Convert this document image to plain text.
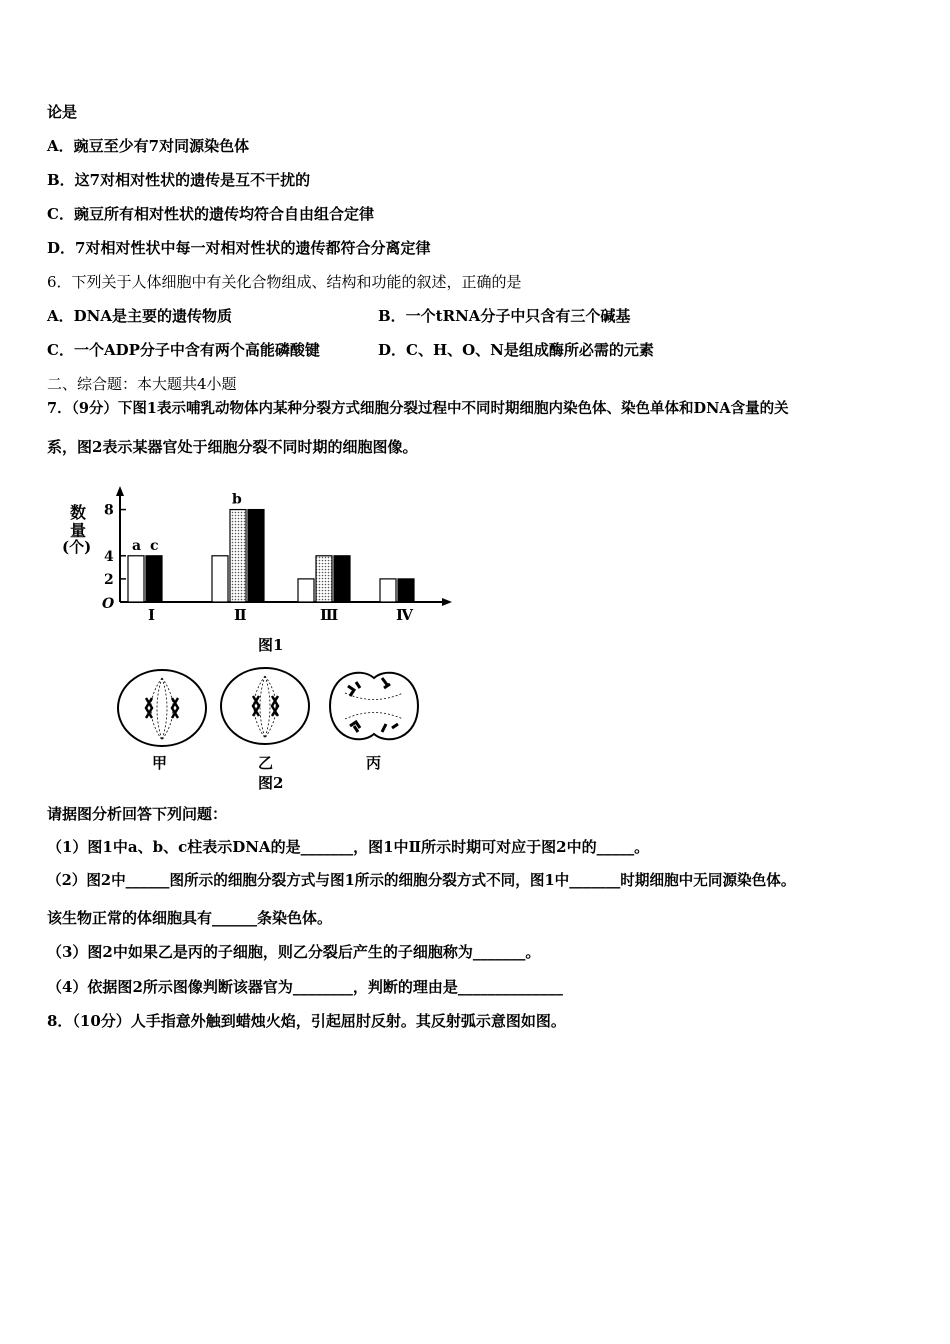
论是
A．豌豆至少有7对同源染色体
B．这7对相对性状的遗传是互不干扰的
C．豌豆所有相对性状的遗传均符合自由组合定律
D．7对相对性状中每一对相对性状的遗传都符合分离定律
6．下列关于人体细胞中有关化合物组成、结构和功能的叙述，正确的是
A．DNA是主要的遗传物质	B．一个tRNA分子中只含有三个碱基
C．一个ADP分子中含有两个高能磷酸键	D．C、H、O、N是组成酶所必需的元素
二、综合题：本大题共4小题
7．（9分）下图1表示哺乳动物体内某种分裂方式细胞分裂过程中不同时期细胞内染色体、染色单体和DNA含量的关
系，图2表示某器官处于细胞分裂不同时期的细胞图像。
数
量
(个)
O
2
4
8
a c
b
Ⅰ	Ⅱ	Ⅲ	Ⅳ
图1
甲	乙	丙
图2
请据图分析回答下列问题：
（1）图1中a、b、c柱表示DNA的是_______，图1中Ⅱ所示时期可对应于图2中的_____。
（2）图2中______图所示的细胞分裂方式与图1所示的细胞分裂方式不同，图1中_______时期细胞中无同源染色体。
该生物正常的体细胞具有______条染色体。
（3）图2中如果乙是丙的子细胞，则乙分裂后产生的子细胞称为_______。
（4）依据图2所示图像判断该器官为________，判断的理由是______________
8．（10分）人手指意外触到蜡烛火焰，引起屈肘反射。其反射弧示意图如图。
